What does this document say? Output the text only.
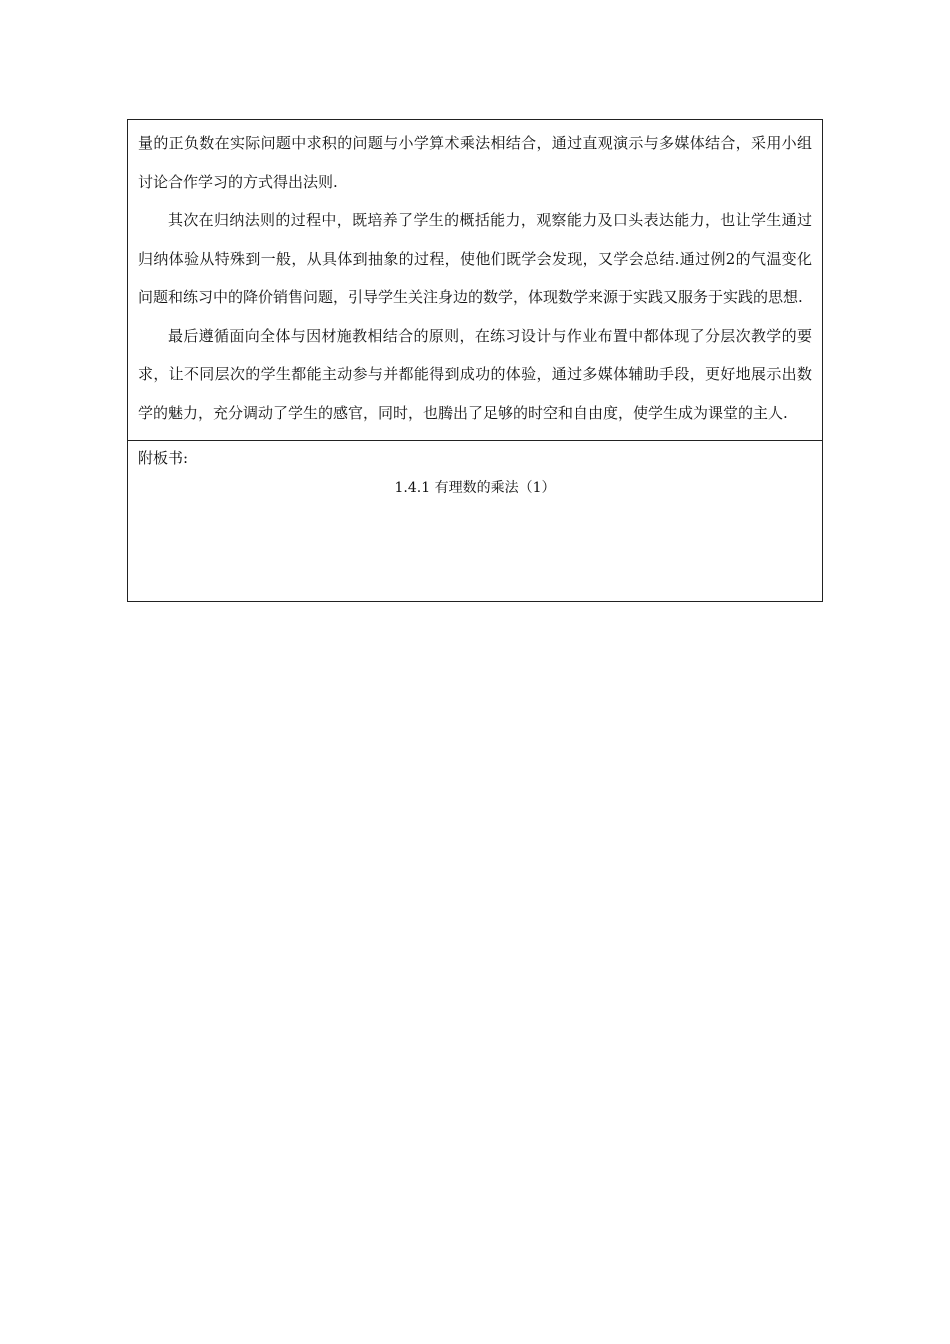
量的正负数在实际问题中求积的问题与小学算术乘法相结合，通过直观演示与多媒体结合，采用小组讨论合作学习的方式得出法则.

其次在归纳法则的过程中，既培养了学生的概括能力，观察能力及口头表达能力，也让学生通过归纳体验从特殊到一般，从具体到抽象的过程，使他们既学会发现，又学会总结.通过例2的气温变化问题和练习中的降价销售问题，引导学生关注身边的数学，体现数学来源于实践又服务于实践的思想.

最后遵循面向全体与因材施教相结合的原则，在练习设计与作业布置中都体现了分层次教学的要求，让不同层次的学生都能主动参与并都能得到成功的体验，通过多媒体辅助手段，更好地展示出数学的魅力，充分调动了学生的感官，同时，也腾出了足够的时空和自由度，使学生成为课堂的主人.

附板书:

1.4.1 有理数的乘法（1）
